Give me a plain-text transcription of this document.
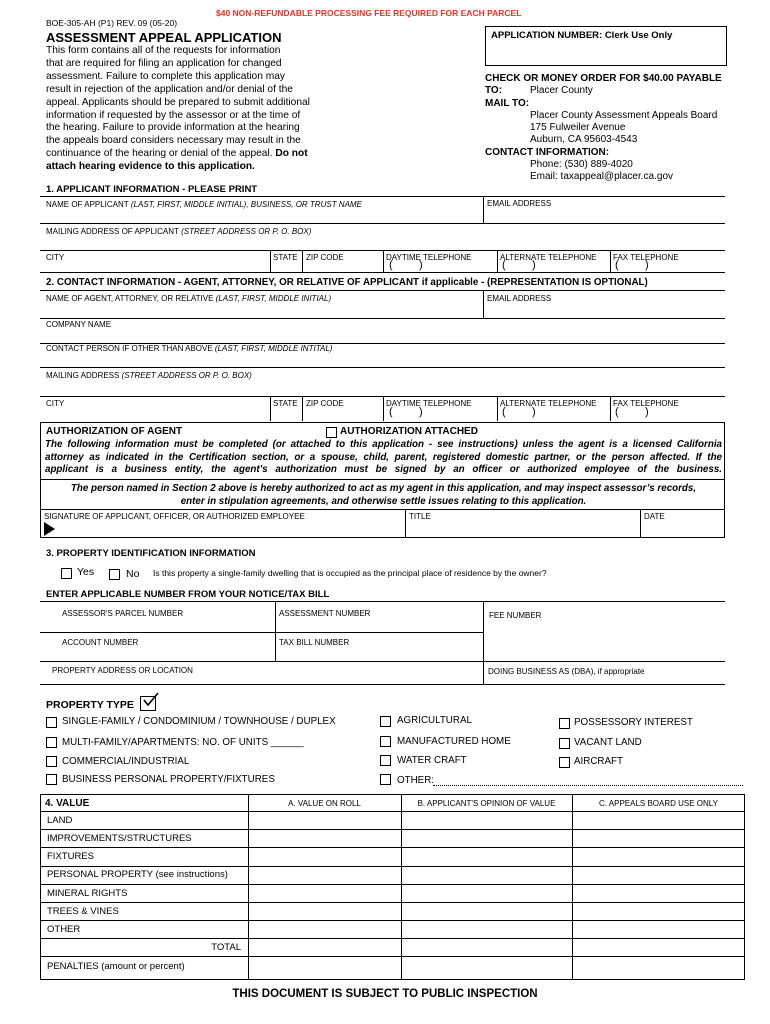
$40 NON-REFUNDABLE PROCESSING FEE REQUIRED FOR EACH PARCEL
BOE-305-AH (P1) REV. 09 (05-20)
ASSESSMENT APPEAL APPLICATION
This form contains all of the requests for information
that are required for filing an application for changed
assessment. Failure to complete this application may
result in rejection of the application and/or denial of the
appeal. Applicants should be prepared to submit additional
information if requested by the assessor or at the time of
the hearing. Failure to provide information at the hearing
the appeals board considers necessary may result in the
continuance of the hearing or denial of the appeal. Do not
attach hearing evidence to this application.
APPLICATION NUMBER: Clerk Use Only
CHECK OR MONEY ORDER FOR $40.00 PAYABLE
TO:	Placer County
MAIL TO:
Placer County Assessment Appeals Board
175 Fulweiler Avenue
Auburn, CA 95603-4543
CONTACT INFORMATION:
Phone: (530) 889-4020
Email: taxappeal@placer.ca.gov
1. APPLICANT INFORMATION - PLEASE PRINT
NAME OF APPLICANT (LAST, FIRST, MIDDLE INITIAL), BUSINESS, OR TRUST NAME	EMAIL ADDRESS
MAILING ADDRESS OF APPLICANT (STREET ADDRESS OR P. O. BOX)
CITY	STATE	ZIP CODE	DAYTIME TELEPHONE	ALTERNATE TELEPHONE	FAX TELEPHONE
( )	( )	( )
2. CONTACT INFORMATION - AGENT, ATTORNEY, OR RELATIVE OF APPLICANT if applicable - (REPRESENTATION IS OPTIONAL)
NAME OF AGENT, ATTORNEY, OR RELATIVE (LAST, FIRST, MIDDLE INITIAL)	EMAIL ADDRESS
COMPANY NAME
CONTACT PERSON IF OTHER THAN ABOVE (LAST, FIRST, MIDDLE INTITAL)
MAILING ADDRESS (STREET ADDRESS OR P. O. BOX)
CITY	STATE	ZIP CODE	DAYTIME TELEPHONE	ALTERNATE TELEPHONE	FAX TELEPHONE
( )	( )	( )
AUTHORIZATION OF AGENT	AUTHORIZATION ATTACHED
The following information must be completed (or attached to this application - see instructions) unless the agent is a licensed California
attorney as indicated in the Certification section, or a spouse, child, parent, registered domestic partner, or the person affected. If the
applicant is a business entity, the agent’s authorization must be signed by an officer or authorized employee of the business.
The person named in Section 2 above is hereby authorized to act as my agent in this application, and may inspect assessor’s records,
enter in stipulation agreements, and otherwise settle issues relating to this application.
SIGNATURE OF APPLICANT, OFFICER, OR AUTHORIZED EMPLOYEE	TITLE	DATE
3. PROPERTY IDENTIFICATION INFORMATION
Yes	No Is this property a single-family dwelling that is occupied as the principal place of residence by the owner?
ENTER APPLICABLE NUMBER FROM YOUR NOTICE/TAX BILL
ASSESSOR'S PARCEL NUMBER	ASSESSMENT NUMBER	FEE NUMBER
ACCOUNT NUMBER	TAX BILL NUMBER
PROPERTY ADDRESS OR LOCATION	DOING BUSINESS AS (DBA), if appropriate
PROPERTY TYPE
SINGLE-FAMILY / CONDOMINIUM / TOWNHOUSE / DUPLEX
MULTI-FAMILY/APARTMENTS: NO. OF UNITS ______
COMMERCIAL/INDUSTRIAL
BUSINESS PERSONAL PROPERTY/FIXTURES
AGRICULTURAL
MANUFACTURED HOME
WATER CRAFT
OTHER:
POSSESSORY INTEREST
VACANT LAND
AIRCRAFT
4. VALUE	A. VALUE ON ROLL	B. APPLICANT'S OPINION OF VALUE	C. APPEALS BOARD USE ONLY
LAND
IMPROVEMENTS/STRUCTURES
FIXTURES
PERSONAL PROPERTY (see instructions)
MINERAL RIGHTS
TREES & VINES
OTHER
TOTAL
PENALTIES (amount or percent)
THIS DOCUMENT IS SUBJECT TO PUBLIC INSPECTION
